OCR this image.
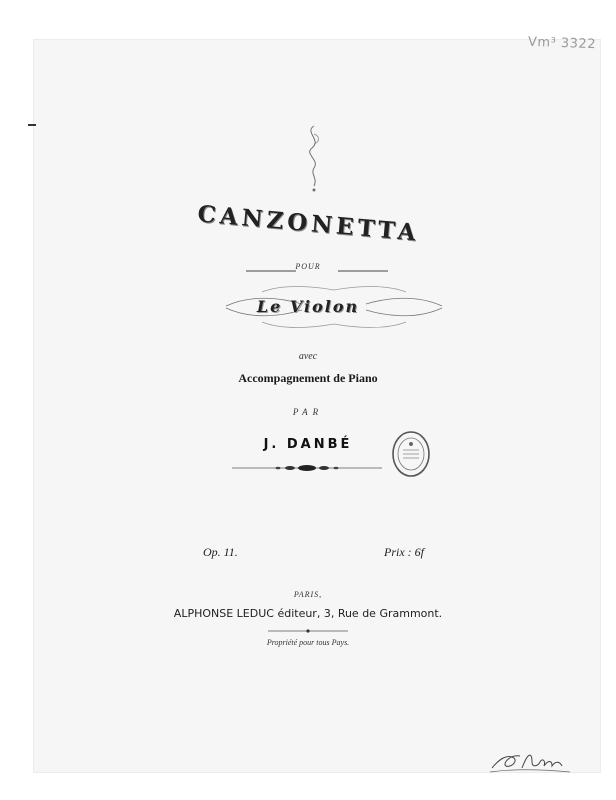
Vm³ 3322
CANZONETTA
POUR
Le Violon
avec
Accompagnement de Piano
PAR
J. DANBÉ
Op. 11.	Prix : 6f
PARIS,
ALPHONSE LEDUC éditeur, 3, Rue de Grammont.
Propriété pour tous Pays.
